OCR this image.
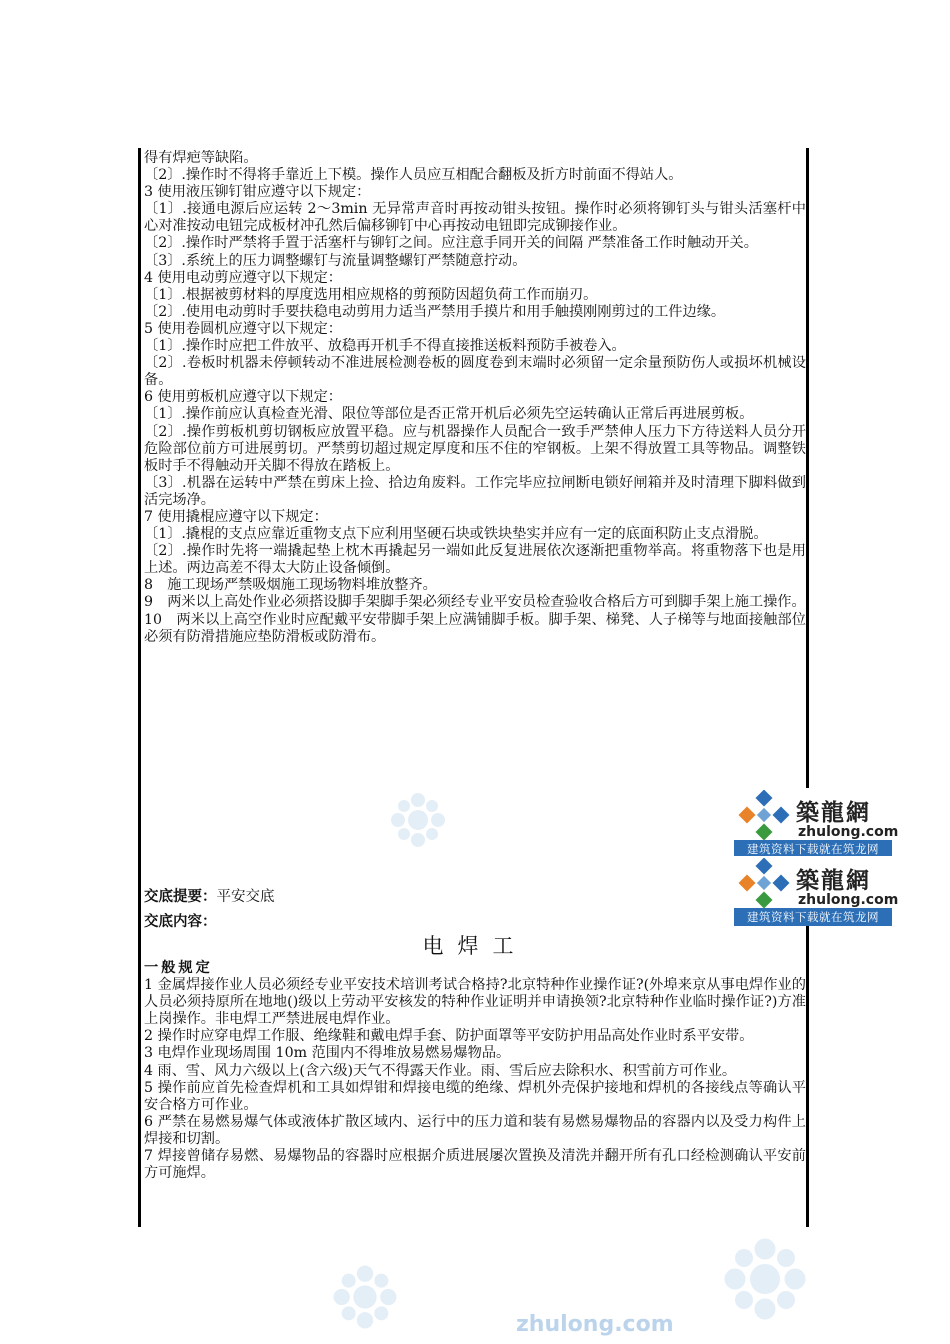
zhulong.com

得有焊疤等缺陷。

〔2〕.操作时不得将手靠近上下模。操作人员应互相配合翻板及折方时前面不得站人。

3 使用液压铆钉钳应遵守以下规定：

〔1〕.接通电源后应运转 2～3min 无异常声音时再按动钳头按钮。操作时必须将铆钉头与钳头活塞杆中心对准按动电钮完成板材冲孔然后偏移铆钉中心再按动电钮即完成铆接作业。

〔2〕.操作时严禁将手置于活塞杆与铆钉之间。应注意手同开关的间隔 严禁准备工作时触动开关。

〔3〕.系统上的压力调整螺钉与流量调整螺钉严禁随意拧动。

4 使用电动剪应遵守以下规定：

〔1〕.根据被剪材料的厚度选用相应规格的剪预防因超负荷工作而崩刃。

〔2〕.使用电动剪时手要扶稳电动剪用力适当严禁用手摸片和用手触摸刚刚剪过的工件边缘。

5 使用卷圆机应遵守以下规定：

〔1〕.操作时应把工件放平、放稳再开机手不得直接推送板料预防手被卷入。

〔2〕.卷板时机器未停顿转动不准进展检测卷板的圆度卷到末端时必须留一定余量预防伤人或损坏机械设备。

6 使用剪板机应遵守以下规定：

〔1〕.操作前应认真检查光滑、限位等部位是否正常开机后必须先空运转确认正常后再进展剪板。

〔2〕.操作剪板机剪切钢板应放置平稳。应与机器操作人员配合一致手严禁伸人压力下方待送料人员分开危险部位前方可进展剪切。严禁剪切超过规定厚度和压不住的窄钢板。上架不得放置工具等物品。调整铁板时手不得触动开关脚不得放在踏板上。

〔3〕.机器在运转中严禁在剪床上捡、拾边角废料。工作完毕应拉闸断电锁好闸箱并及时清理下脚料做到活完场净。

7 使用撬棍应遵守以下规定：

〔1〕.撬棍的支点应靠近重物支点下应利用坚硬石块或铁块垫实并应有一定的底面积防止支点滑脱。

〔2〕.操作时先将一端撬起垫上枕木再撬起另一端如此反复进展依次逐渐把重物举高。将重物落下也是用上述。两边高差不得太大防止设备倾倒。

8　施工现场严禁吸烟施工现场物料堆放整齐。

9　两米以上高处作业必须搭设脚手架脚手架必须经专业平安员检查验收合格后方可到脚手架上施工操作。

10　两米以上高空作业时应配戴平安带脚手架上应满铺脚手板。脚手架、梯凳、人子梯等与地面接触部位必须有防滑措施应垫防滑板或防滑布。

築龍網
zhulong.com
建筑资料下载就在筑龙网
築龍網
zhulong.com
建筑资料下载就在筑龙网
交底提要：平安交底
交底内容：
电焊工

一般规定

1 金属焊接作业人员必须经专业平安技术培训考试合格持?北京特种作业操作证?(外埠来京从事电焊作业的人员必须持原所在地地()级以上劳动平安核发的特种作业证明并申请换领?北京特种作业临时操作证?)方准上岗操作。非电焊工严禁进展电焊作业。

2 操作时应穿电焊工作服、绝缘鞋和戴电焊手套、防护面罩等平安防护用品高处作业时系平安带。

3 电焊作业现场周围 10m 范围内不得堆放易燃易爆物品。

4 雨、雪、风力六级以上(含六级)天气不得露天作业。雨、雪后应去除积水、积雪前方可作业。

5 操作前应首先检查焊机和工具如焊钳和焊接电缆的绝缘、焊机外壳保护接地和焊机的各接线点等确认平安合格方可作业。

6 严禁在易燃易爆气体或液体扩散区域内、运行中的压力道和装有易燃易爆物品的容器内以及受力构件上焊接和切割。

7 焊接曾储存易燃、易爆物品的容器时应根据介质进展屡次置换及清洗并翻开所有孔口经检测确认平安前方可施焊。
